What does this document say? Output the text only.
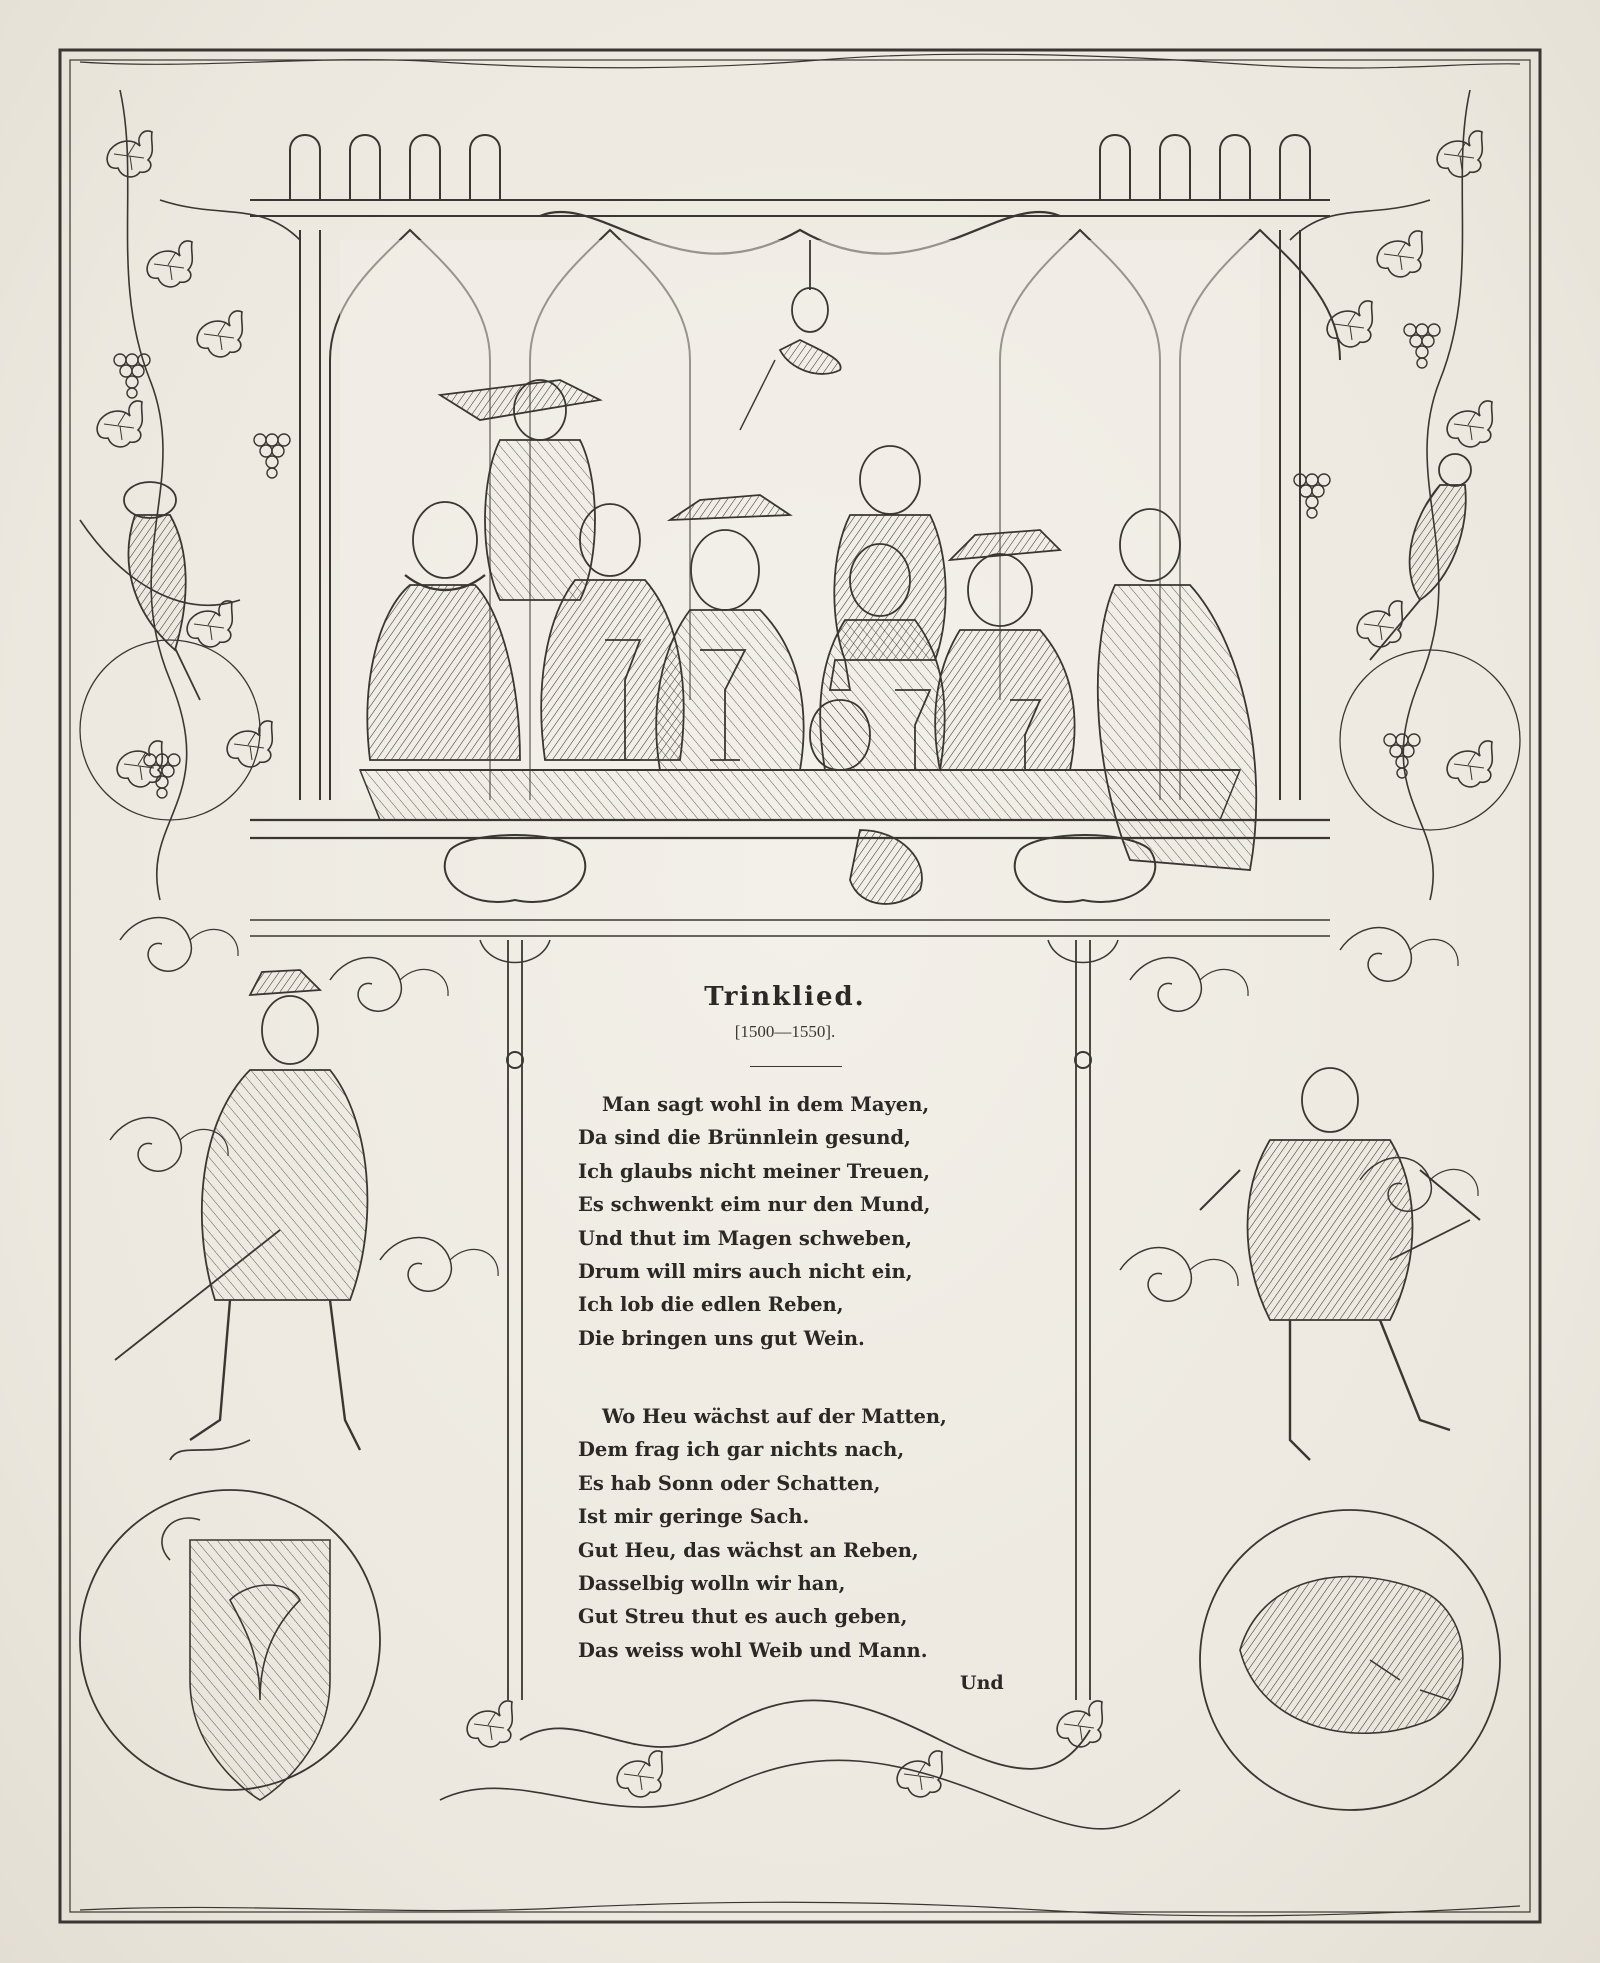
Trinklied.
[1500—1550].
Man sagt wohl in dem Mayen,
Da sind die Brünnlein gesund,
Ich glaubs nicht meiner Treuen,
Es schwenkt eim nur den Mund,
Und thut im Magen schweben,
Drum will mirs auch nicht ein,
Ich lob die edlen Reben,
Die bringen uns gut Wein.
Wo Heu wächst auf der Matten,
Dem frag ich gar nichts nach,
Es hab Sonn oder Schatten,
Ist mir geringe Sach.
Gut Heu, das wächst an Reben,
Dasselbig wolln wir han,
Gut Streu thut es auch geben,
Das weiss wohl Weib und Mann.
Und
